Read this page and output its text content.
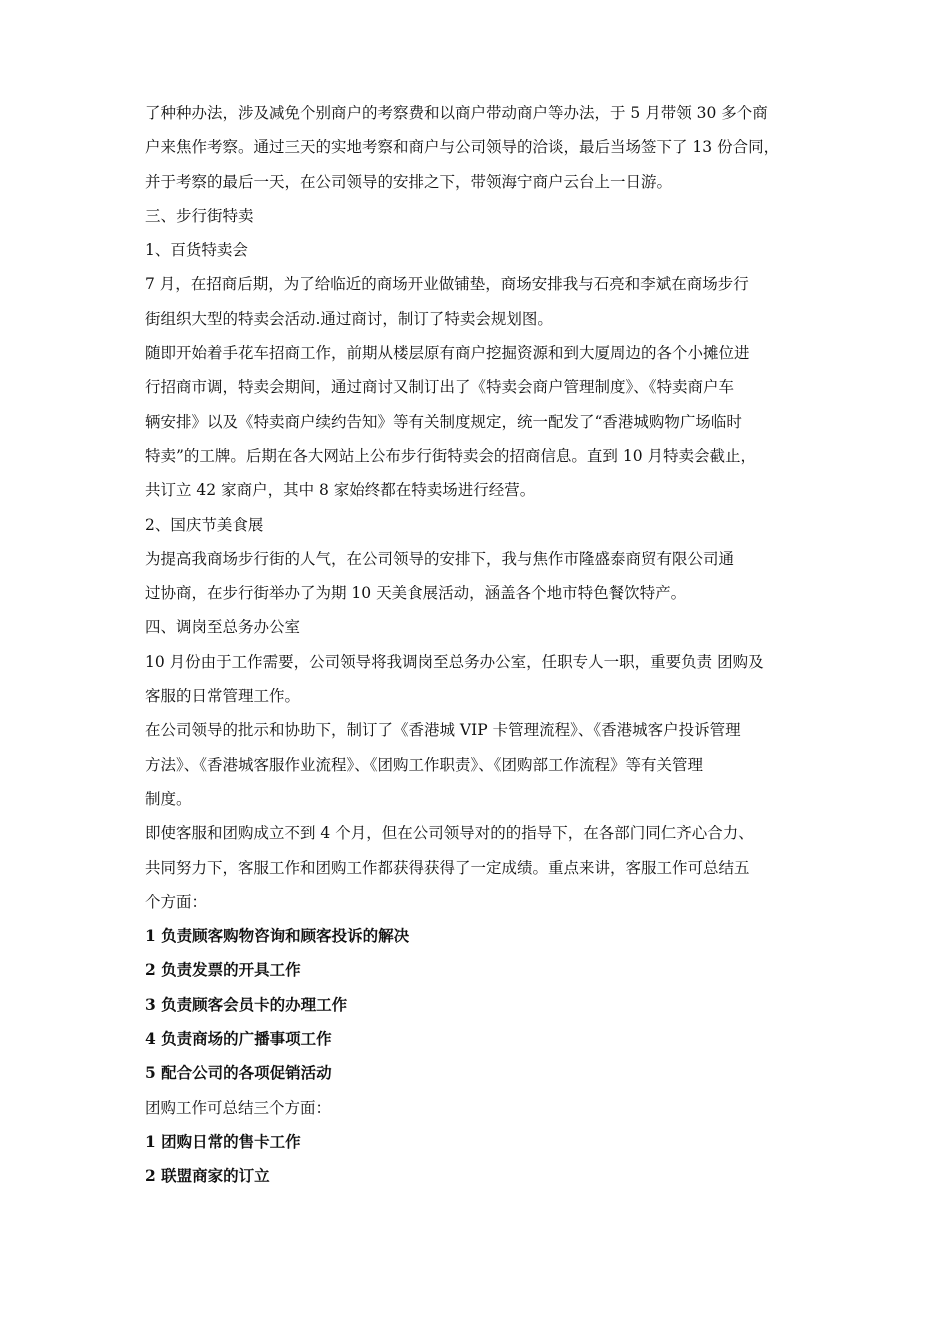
了种种办法，涉及减免个别商户的考察费和以商户带动商户等办法，于 5 月带领 30 多个商
户来焦作考察。通过三天的实地考察和商户与公司领导的洽谈，最后当场签下了 13 份合同，
并于考察的最后一天，在公司领导的安排之下，带领海宁商户云台上一日游。
三、步行街特卖
1、百货特卖会
7 月，在招商后期，为了给临近的商场开业做铺垫，商场安排我与石亮和李斌在商场步行
街组织大型的特卖会活动.通过商讨，制订了特卖会规划图。
随即开始着手花车招商工作，前期从楼层原有商户挖掘资源和到大厦周边的各个小摊位进
行招商市调，特卖会期间，通过商讨又制订出了《特卖会商户管理制度》、《特卖商户车
辆安排》以及《特卖商户续约告知》等有关制度规定，统一配发了“香港城购物广场临时
特卖”的工牌。后期在各大网站上公布步行街特卖会的招商信息。直到 10 月特卖会截止，
共订立 42 家商户，其中 8 家始终都在特卖场进行经营。
2、国庆节美食展
为提高我商场步行街的人气，在公司领导的安排下，我与焦作市隆盛泰商贸有限公司通
过协商，在步行街举办了为期 10 天美食展活动，涵盖各个地市特色餐饮特产。
四、调岗至总务办公室
10 月份由于工作需要，公司领导将我调岗至总务办公室，任职专人一职，重要负责 团购及
客服的日常管理工作。
在公司领导的批示和协助下，制订了《香港城 VIP 卡管理流程》、《香港城客户投诉管理
方法》、《香港城客服作业流程》、《团购工作职责》、《团购部工作流程》等有关管理
制度。
即使客服和团购成立不到 4 个月，但在公司领导对的的指导下，在各部门同仁齐心合力、
共同努力下，客服工作和团购工作都获得获得了一定成绩。重点来讲，客服工作可总结五
个方面：
1 负责顾客购物咨询和顾客投诉的解决
2 负责发票的开具工作
3 负责顾客会员卡的办理工作
4 负责商场的广播事项工作
5 配合公司的各项促销活动
团购工作可总结三个方面：
1 团购日常的售卡工作
2 联盟商家的订立
